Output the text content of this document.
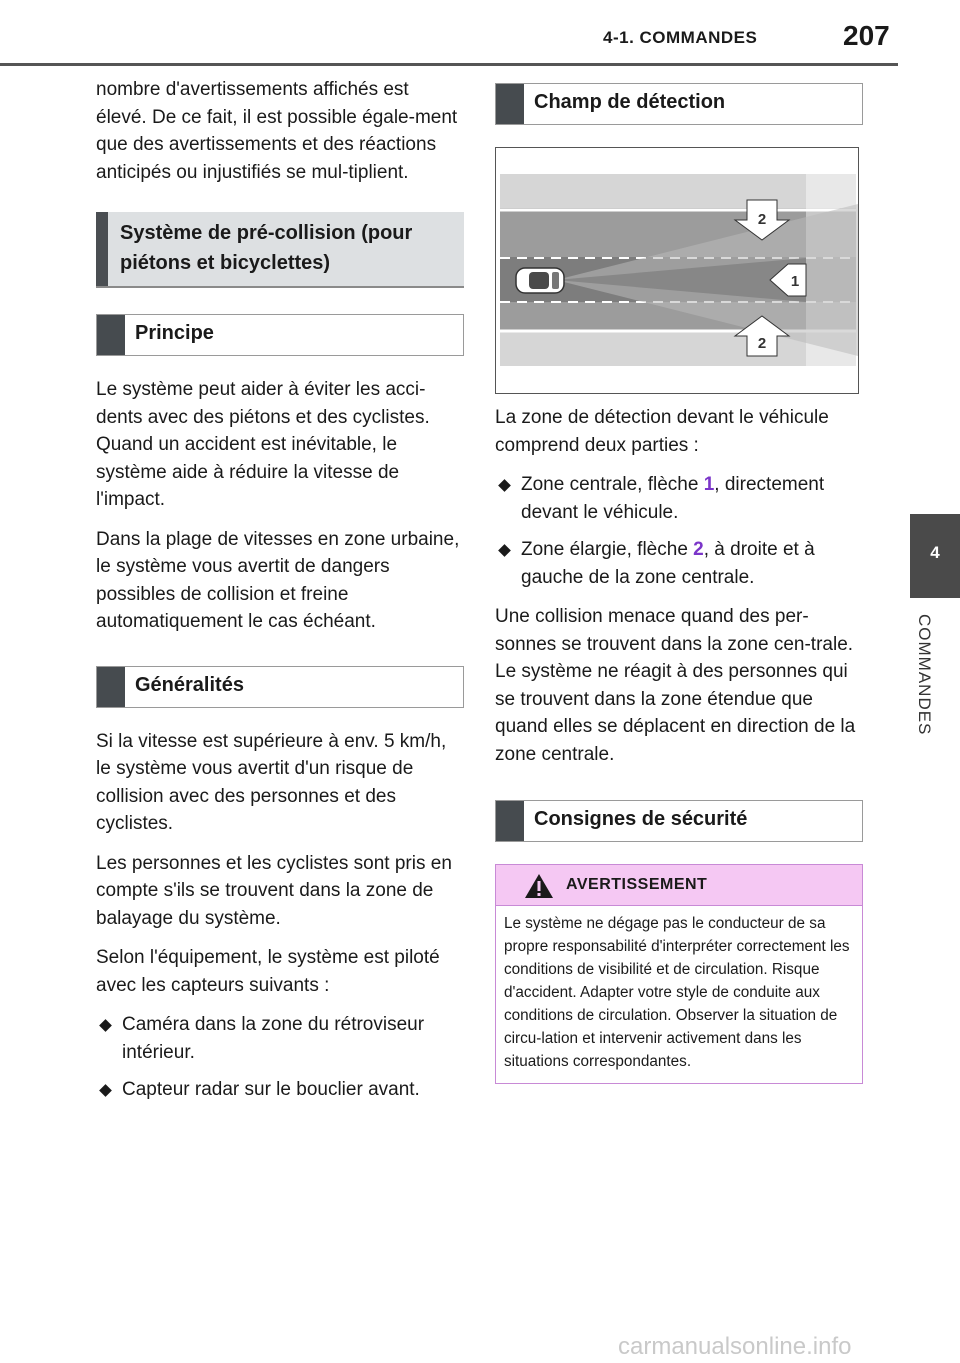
4-1. COMMANDES	207
4
COMMANDES

nombre d'avertissements affichés est élevé. De ce fait, il est possible égale-ment que des avertissements et des réactions anticipés ou injustifiés se mul-tiplient.

Système de pré-collision (pour piétons et bicyclettes)
Principe

Le système peut aider à éviter les acci-dents avec des piétons et des cyclistes. Quand un accident est inévitable, le système aide à réduire la vitesse de l'impact.

Dans la plage de vitesses en zone urbaine, le système vous avertit de dangers possibles de collision et freine automatiquement le cas échéant.

Généralités

Si la vitesse est supérieure à env. 5 km/h, le système vous avertit d'un risque de collision avec des personnes et des cyclistes.

Les personnes et les cyclistes sont pris en compte s'ils se trouvent dans la zone de balayage du système.

Selon l'équipement, le système est piloté avec les capteurs suivants :

Caméra dans la zone du rétroviseur intérieur.
Capteur radar sur le bouclier avant.
Champ de détection
2
1
2

La zone de détection devant le véhicule comprend deux parties :

Zone centrale, flèche 1, directement devant le véhicule.
Zone élargie, flèche 2, à droite et à gauche de la zone centrale.

Une collision menace quand des per-sonnes se trouvent dans la zone cen-trale. Le système ne réagit à des personnes qui se trouvent dans la zone étendue que quand elles se déplacent en direction de la zone centrale.

Consignes de sécurité
AVERTISSEMENT
Le système ne dégage pas le conducteur de sa propre responsabilité d'interpréter correctement les conditions de visibilité et de circulation. Risque d'accident. Adapter votre style de conduite aux conditions de circulation. Observer la situation de circu-lation et intervenir activement dans les situations correspondantes.
carmanualsonline.info
